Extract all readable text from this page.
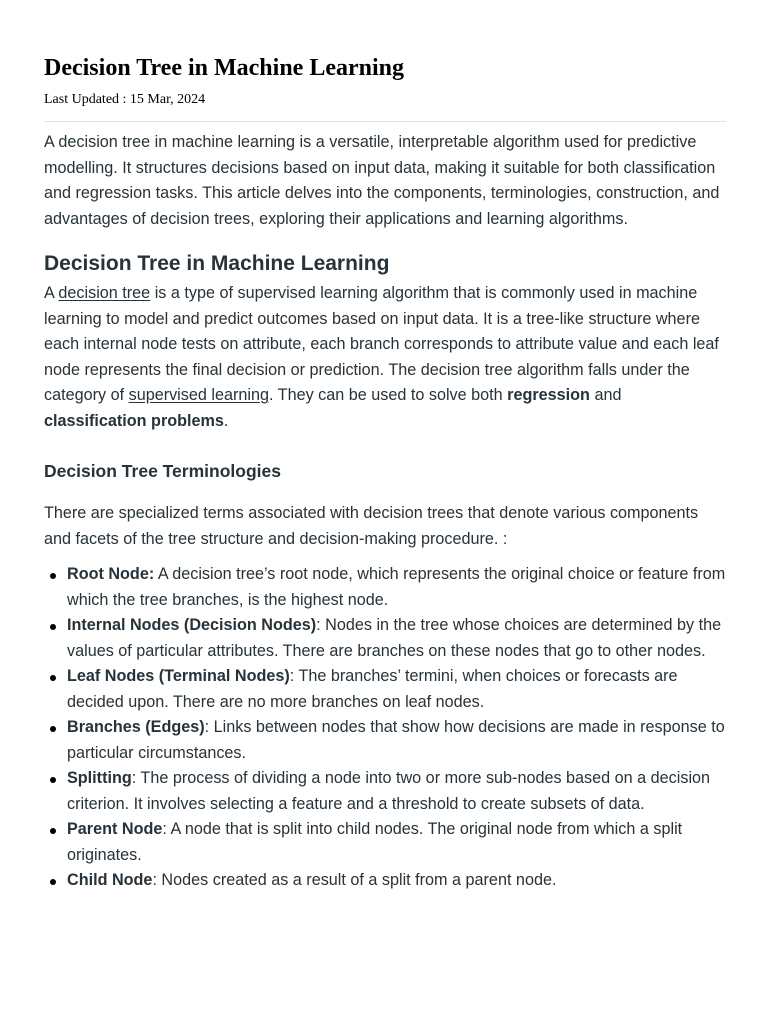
Decision Tree in Machine Learning
Last Updated : 15 Mar, 2024

A decision tree in machine learning is a versatile, interpretable algorithm used for predictive modelling. It structures decisions based on input data, making it suitable for both classification and regression tasks. This article delves into the components, terminologies, construction, and advantages of decision trees, exploring their applications and learning algorithms.

Decision Tree in Machine Learning

A decision tree is a type of supervised learning algorithm that is commonly used in machine learning to model and predict outcomes based on input data. It is a tree-like structure where each internal node tests on attribute, each branch corresponds to attribute value and each leaf node represents the final decision or prediction. The decision tree algorithm falls under the category of supervised learning. They can be used to solve both regression and classification problems.

Decision Tree Terminologies

There are specialized terms associated with decision trees that denote various components and facets of the tree structure and decision-making procedure. :

Root Node: A decision tree’s root node, which represents the original choice or feature from which the tree branches, is the highest node.
Internal Nodes (Decision Nodes): Nodes in the tree whose choices are determined by the values of particular attributes. There are branches on these nodes that go to other nodes.
Leaf Nodes (Terminal Nodes): The branches’ termini, when choices or forecasts are decided upon. There are no more branches on leaf nodes.
Branches (Edges): Links between nodes that show how decisions are made in response to particular circumstances.
Splitting: The process of dividing a node into two or more sub-nodes based on a decision criterion. It involves selecting a feature and a threshold to create subsets of data.
Parent Node: A node that is split into child nodes. The original node from which a split originates.
Child Node: Nodes created as a result of a split from a parent node.
